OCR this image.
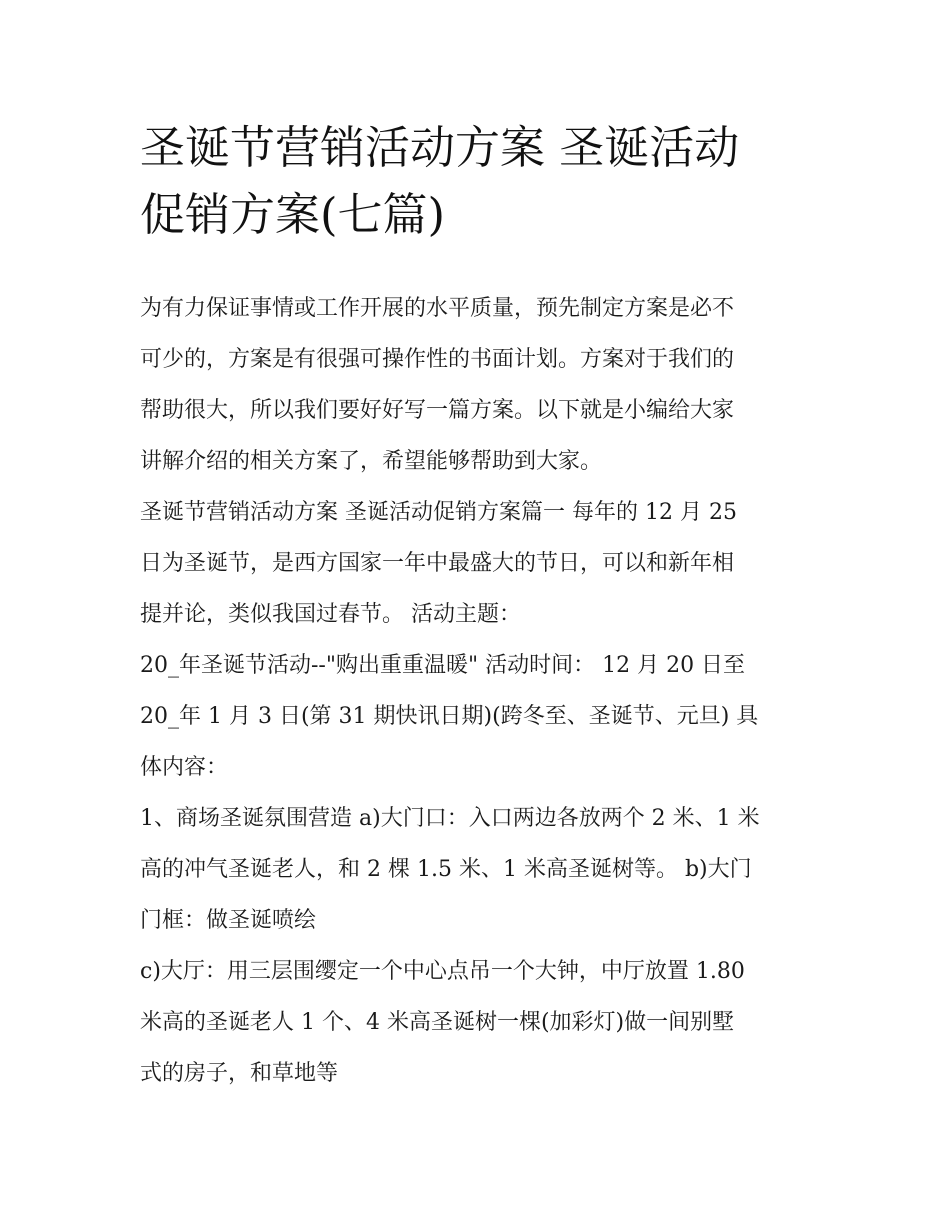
圣诞节营销活动方案 圣诞活动
促销方案(七篇)
为有力保证事情或工作开展的水平质量，预先制定方案是必不
可少的，方案是有很强可操作性的书面计划。方案对于我们的
帮助很大，所以我们要好好写一篇方案。以下就是小编给大家
讲解介绍的相关方案了，希望能够帮助到大家。
圣诞节营销活动方案 圣诞活动促销方案篇一 每年的 12 月 25
日为圣诞节，是西方国家一年中最盛大的节日，可以和新年相
提并论，类似我国过春节。 活动主题：
20_年圣诞节活动--"购出重重温暖" 活动时间： 12 月 20 日至
20_年 1 月 3 日(第 31 期快讯日期)(跨冬至、圣诞节、元旦) 具
体内容：
1、商场圣诞氛围营造 a)大门口：入口两边各放两个 2 米、1 米
高的冲气圣诞老人，和 2 棵 1.5 米、1 米高圣诞树等。 b)大门
门框：做圣诞喷绘
c)大厅：用三层围缨定一个中心点吊一个大钟，中厅放置 1.80
米高的圣诞老人 1 个、4 米高圣诞树一棵(加彩灯)做一间别墅
式的房子，和草地等
